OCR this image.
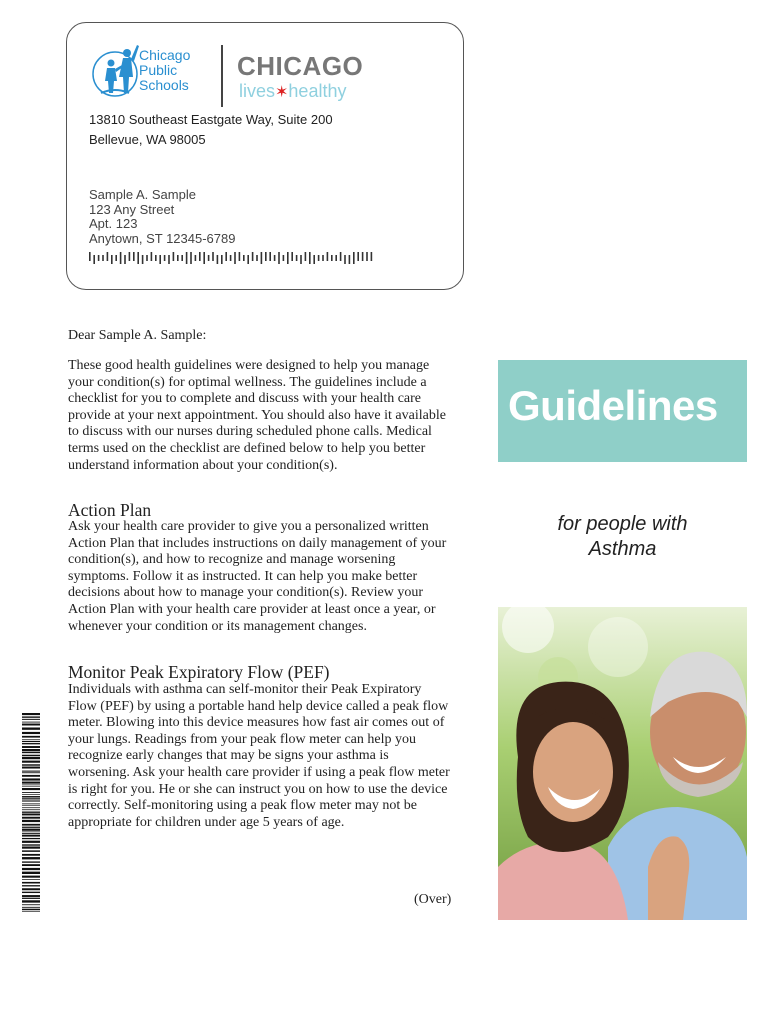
Chicago
Public
Schools
CHICAGO
lives✶healthy
13810 Southeast Eastgate Way, Suite 200
Bellevue, WA 98005
Sample A. Sample
123 Any Street
Apt. 123
Anytown, ST 12345-6789
Dear Sample A. Sample:
These good health guidelines were designed to help you manage your condition(s) for optimal wellness. The guidelines include a checklist for you to complete and discuss with your health care provide at your next appointment. You should also have it available to discuss with our nurses during scheduled phone calls. Medical terms used on the checklist are defined below to help you better understand information about your condition(s).
Action Plan
Ask your health care provider to give you a personalized written Action Plan that includes instructions on daily management of your condition(s), and how to recognize and manage worsening symptoms. Follow it as instructed. It can help you make better decisions about how to manage your condition(s). Review your Action Plan with your health care provider at least once a year, or whenever your condition or its management changes.
Monitor Peak Expiratory Flow (PEF)
Individuals with asthma can self-monitor their Peak Expiratory Flow (PEF) by using a portable hand help device called a peak flow meter. Blowing into this device measures how fast air comes out of your lungs. Readings from your peak flow meter can help you recognize early changes that may be signs your asthma is worsening. Ask your health care provider if using a peak flow meter is right for you. He or she can instruct you on how to use the device correctly. Self-monitoring using a peak flow meter may not be appropriate for children under age 5 years of age.
(Over)
Guidelines
for people with
Asthma
